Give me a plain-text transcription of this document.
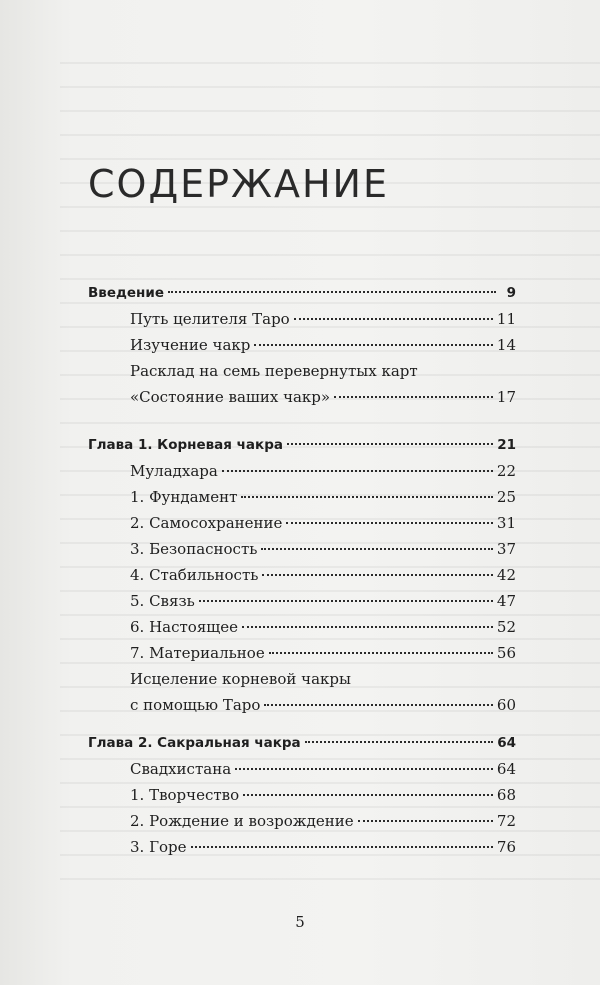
СОДЕРЖАНИЕ
Введение	9
Путь целителя Таро	11
Изучение чакр	14
Расклад на семь перевернутых карт
«Состояние ваших чакр»	17
Глава 1. Корневая чакра	21
Муладхара	22
1. Фундамент	25
2. Самосохранение	31
3. Безопасность	37
4. Стабильность	42
5. Связь	47
6. Настоящее	52
7. Материальное	56
Исцеление корневой чакры
с помощью Таро	60
Глава 2. Сакральная чакра	64
Свадхистана	64
1. Творчество	68
2. Рождение и возрождение	72
3. Горе	76
5
